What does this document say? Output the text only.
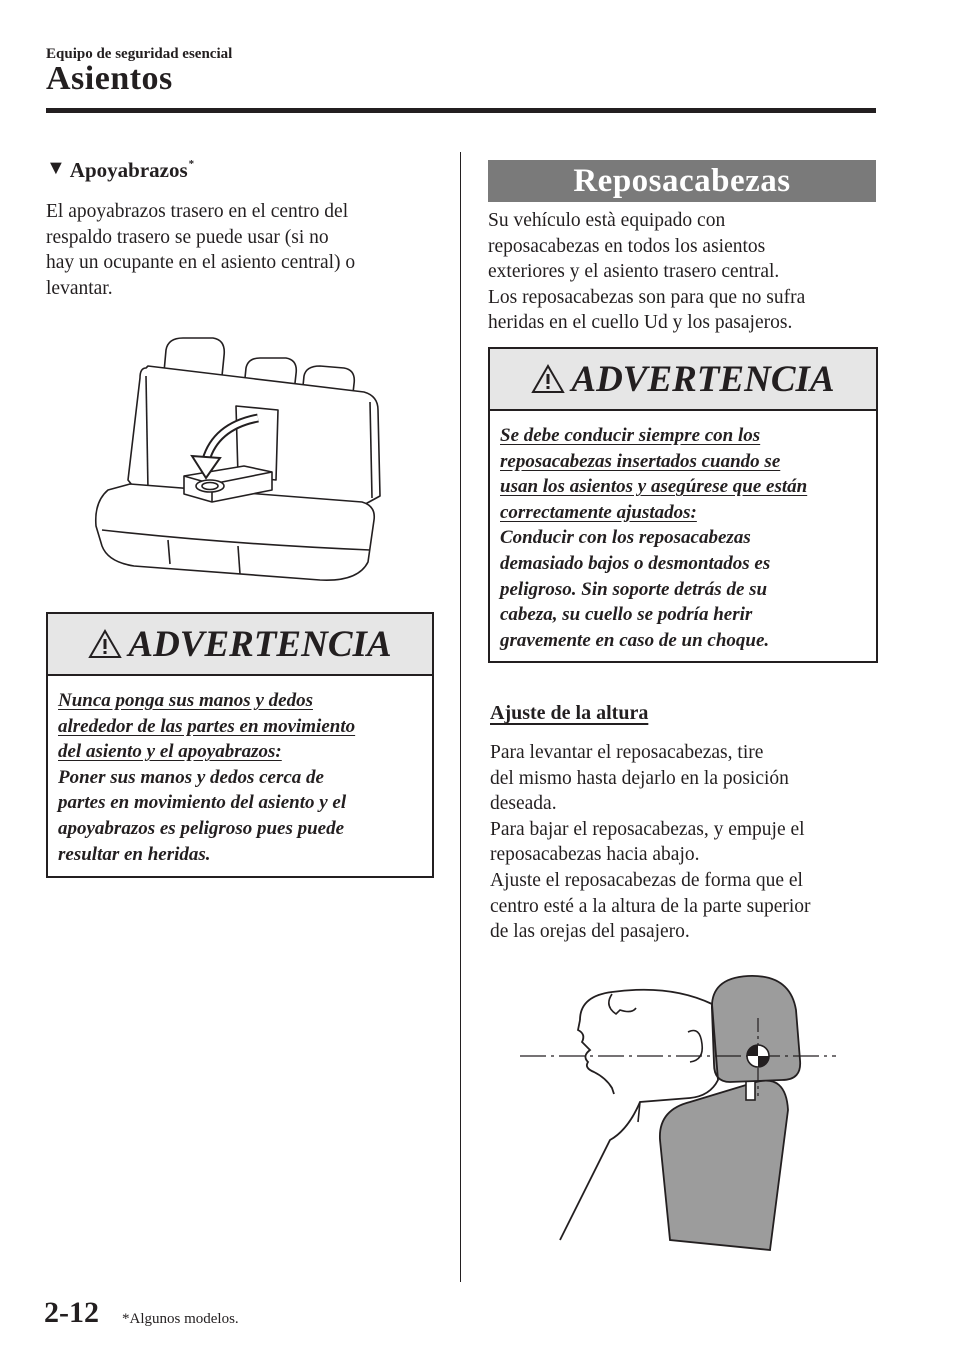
Equipo de seguridad esencial
Asientos
▼ Apoyabrazos *
El apoyabrazos trasero en el centro del
respaldo trasero se puede usar (si no
hay un ocupante en el asiento central) o
levantar.
ADVERTENCIA
Nunca ponga sus manos y dedos
alrededor de las partes en movimiento
del asiento y el apoyabrazos:
Poner sus manos y dedos cerca de
partes en movimiento del asiento y el
apoyabrazos es peligroso pues puede
resultar en heridas.
Reposacabezas
Su vehículo està equipado con
reposacabezas en todos los asientos
exteriores y el asiento trasero central.
Los reposacabezas son para que no sufra
heridas en el cuello Ud y los pasajeros.
ADVERTENCIA
Se debe conducir siempre con los
reposacabezas insertados cuando se
usan los asientos y asegúrese que están
correctamente ajustados:
Conducir con los reposacabezas
demasiado bajos o desmontados es
peligroso. Sin soporte detrás de su
cabeza, su cuello se podría herir
gravemente en caso de un choque.
Ajuste de la altura
Para levantar el reposacabezas, tire
del mismo hasta dejarlo en la posición
deseada.
Para bajar el reposacabezas, y empuje el
reposacabezas hacia abajo.
Ajuste el reposacabezas de forma que el
centro esté a la altura de la parte superior
de las orejas del pasajero.
2-12 *Algunos modelos.
